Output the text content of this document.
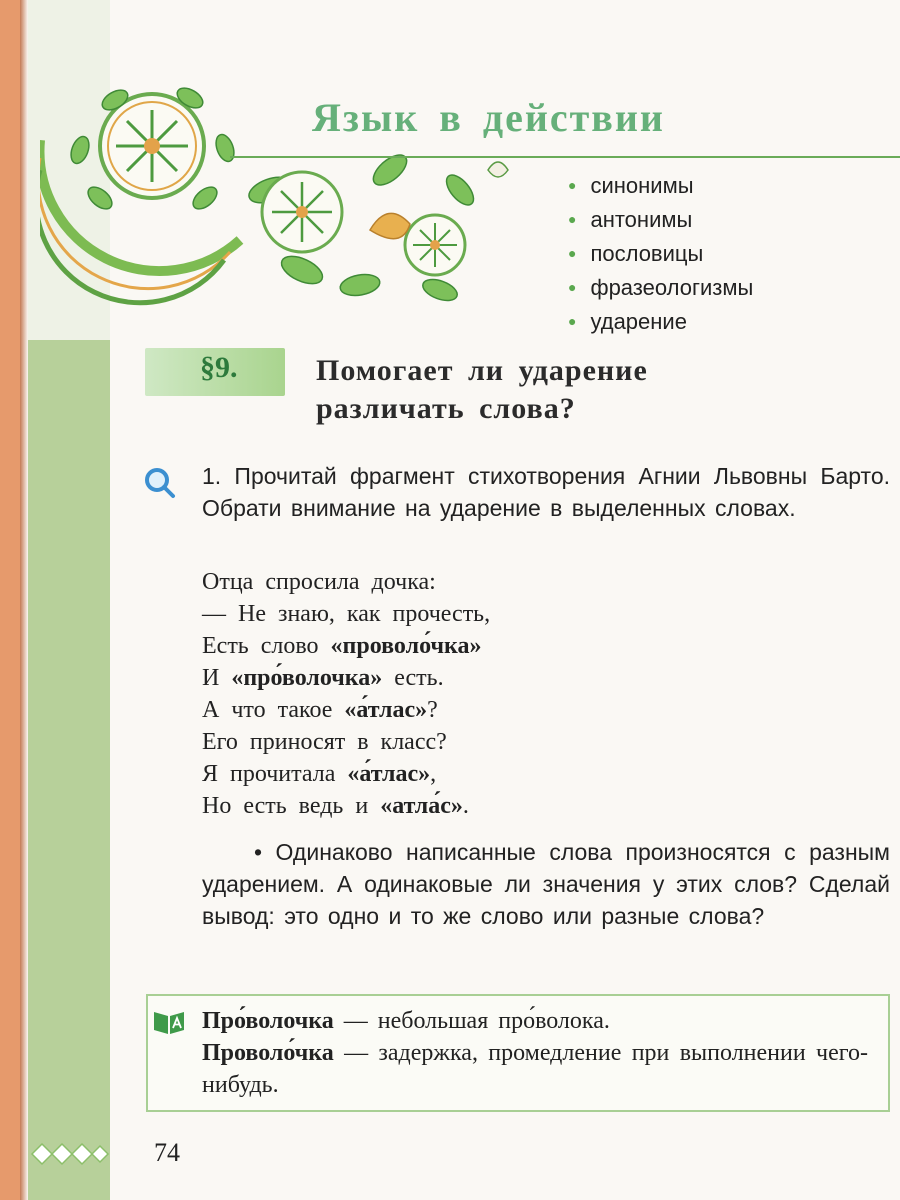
Язык в действии
● синонимы
● антонимы
● пословицы
● фразеологизмы
● ударение

§9.	Помогает ли ударение
различать слова?

1. Прочитай фрагмент стихотворения Агнии Львовны Барто. Обрати внимание на ударение в выделенных словах.

Отца спросила дочка:
— Не знаю, как прочесть,
Есть слово «проволо́чка»
И «про́волочка» есть.
А что такое «а́тлас»?
Его приносят в класс?
Я прочитала «а́тлас»,
Но есть ведь и «атла́с».

• Одинаково написанные слова произносятся с разным ударением. А одинаковые ли значения у этих слов? Сделай вывод: это одно и то же слово или разные слова?

Про́волочка — небольшая про́волока.
Проволо́чка — задержка, промедление при выполнении чего-нибудь.

74
